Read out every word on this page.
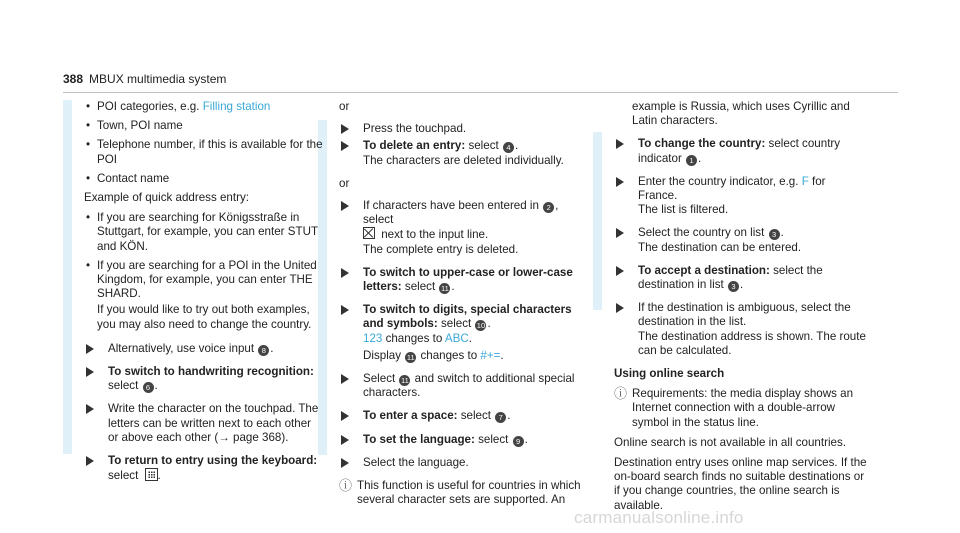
388 MBUX multimedia system
• POI categories, e.g. Filling station
• Town, POI name
• Telephone number, if this is available for the POI
• Contact name

Example of quick address entry:

• If you are searching for Königsstraße in Stuttgart, for example, you can enter STUT and KÖN.
• If you are searching for a POI in the United Kingdom, for example, you can enter THE SHARD.

If you would like to try out both examples, you may also need to change the country.

Alternatively, use voice input 8 .
To switch to handwriting recognition:
select 6 .
Write the character on the touchpad. The letters can be written next to each other or above each other (→ page 368).
To return to entry using the keyboard:
select .

or

Press the touchpad.
To delete an entry: select 4 .
The characters are deleted individually.

or

If characters have been entered in 2 , select
next to the input line.
The complete entry is deleted.
To switch to upper-case or lower-case letters: select 11 .
To switch to digits, special characters and symbols: select 10 .
123 changes to ABC.

Display 11 changes to #+=.

Select 11 and switch to additional special characters.
To enter a space: select 7 .
To set the language: select 9 .
Select the language.
ⓘ This function is useful for countries in which several character sets are supported. An

example is Russia, which uses Cyrillic and Latin characters.

To change the country: select country indicator 1 .
Enter the country indicator, e.g. F for France.
The list is filtered.
Select the country on list 3 .
The destination can be entered.
To accept a destination: select the destination in list 3 .
If the destination is ambiguous, select the destination in the list.
The destination address is shown. The route can be calculated.

Using online search

ⓘ Requirements: the media display shows an Internet connection with a double-arrow symbol in the status line.

Online search is not available in all countries.

Destination entry uses online map services. If the on-board search finds no suitable destinations or if you change countries, the online search is available.

carmanualsonline.info
